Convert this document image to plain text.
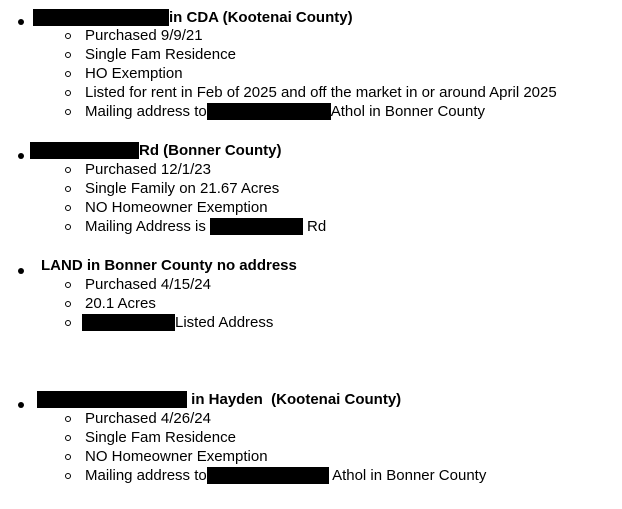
in CDA (Kootenai County)
Purchased 9/9/21
Single Fam Residence
HO Exemption
Listed for rent in Feb of 2025 and off the market in or around April 2025
Mailing address to	Athol in Bonner County
Rd (Bonner County)
Purchased 12/1/23
Single Family on 21.67 Acres
NO Homeowner Exemption
Mailing Address is	Rd
LAND in Bonner County no address
Purchased 4/15/24
20.1 Acres
Listed Address
in Hayden  (Kootenai County)
Purchased 4/26/24
Single Fam Residence
NO Homeowner Exemption
Mailing address to	Athol in Bonner County
